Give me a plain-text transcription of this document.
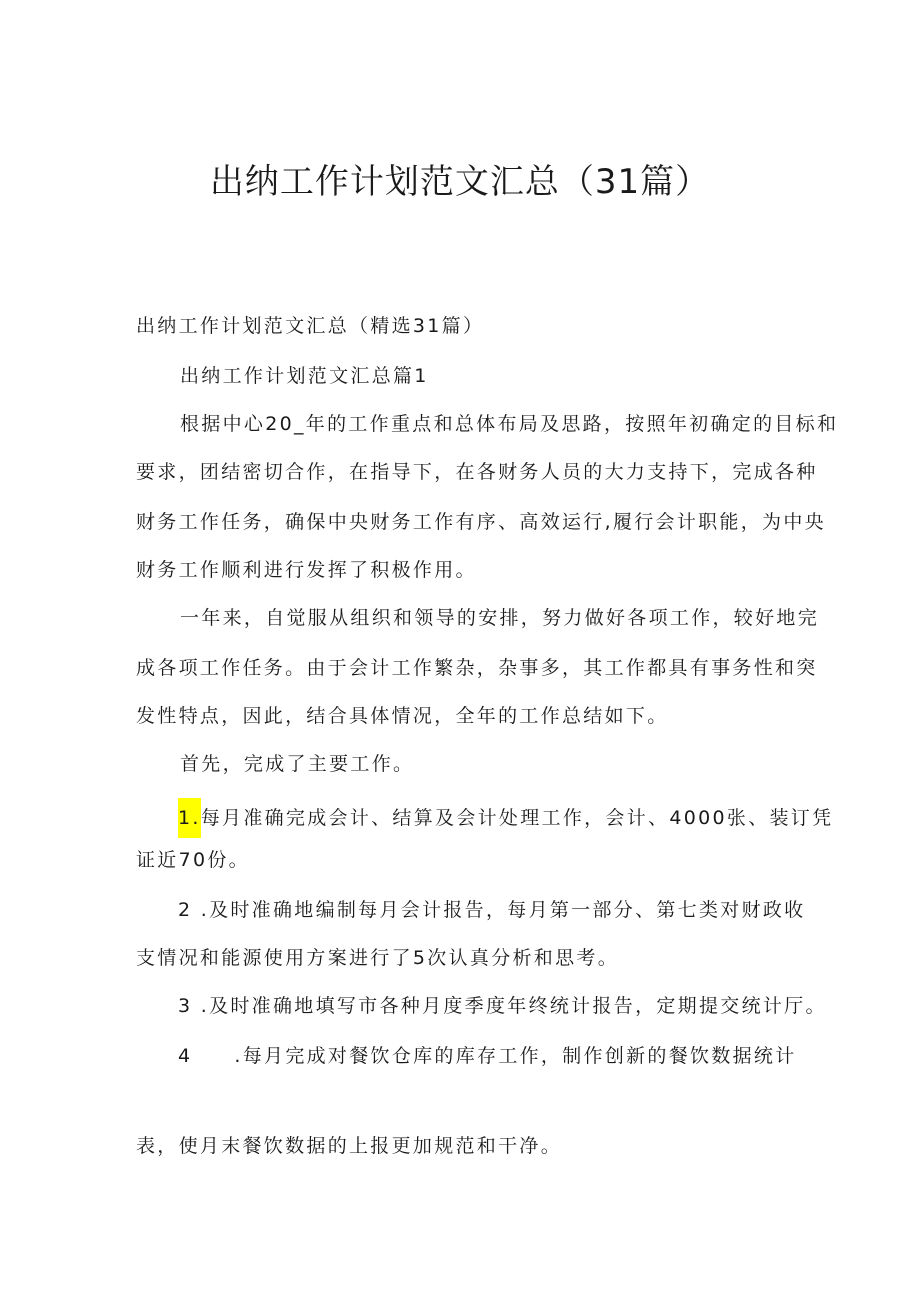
出纳工作计划范文汇总（31篇）
出纳工作计划范文汇总（精选31篇）
出纳工作计划范文汇总篇1
根据中心20_年的工作重点和总体布局及思路，按照年初确定的目标和
要求，团结密切合作，在指导下，在各财务人员的大力支持下，完成各种
财务工作任务，确保中央财务工作有序、高效运行,履行会计职能，为中央
财务工作顺利进行发挥了积极作用。
一年来，自觉服从组织和领导的安排，努力做好各项工作，较好地完
成各项工作任务。由于会计工作繁杂，杂事多，其工作都具有事务性和突
发性特点，因此，结合具体情况，全年的工作总结如下。
首先，完成了主要工作。
1.每月准确完成会计、结算及会计处理工作，会计、4000张、装订凭
证近70份。
2 .及时准确地编制每月会计报告，每月第一部分、第七类对财政收
支情况和能源使用方案进行了5次认真分析和思考。
3 .及时准确地填写市各种月度季度年终统计报告，定期提交统计厅。
4 .每月完成对餐饮仓库的库存工作，制作创新的餐饮数据统计
表，使月末餐饮数据的上报更加规范和干净。
